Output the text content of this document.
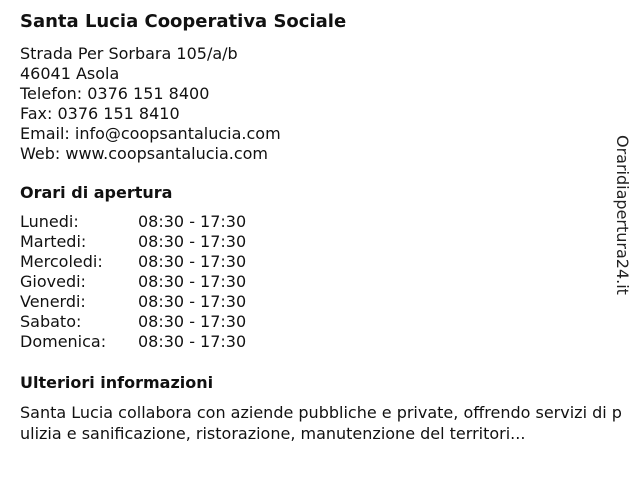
Santa Lucia Cooperativa Sociale
Strada Per Sorbara 105/a/b
46041 Asola
Telefon: 0376 151 8400
Fax: 0376 151 8410
Email: info@coopsantalucia.com
Web: www.coopsantalucia.com
Orari di apertura
Lunedi:	08:30 - 17:30
Martedi:	08:30 - 17:30
Mercoledi:	08:30 - 17:30
Giovedi:	08:30 - 17:30
Venerdi:	08:30 - 17:30
Sabato:	08:30 - 17:30
Domenica:	08:30 - 17:30
Ulteriori informazioni
Santa Lucia collabora con aziende pubbliche e private, offrendo servizi di pulizia e sanificazione, ristorazione, manutenzione del territori...
Oraridiapertura24.it
